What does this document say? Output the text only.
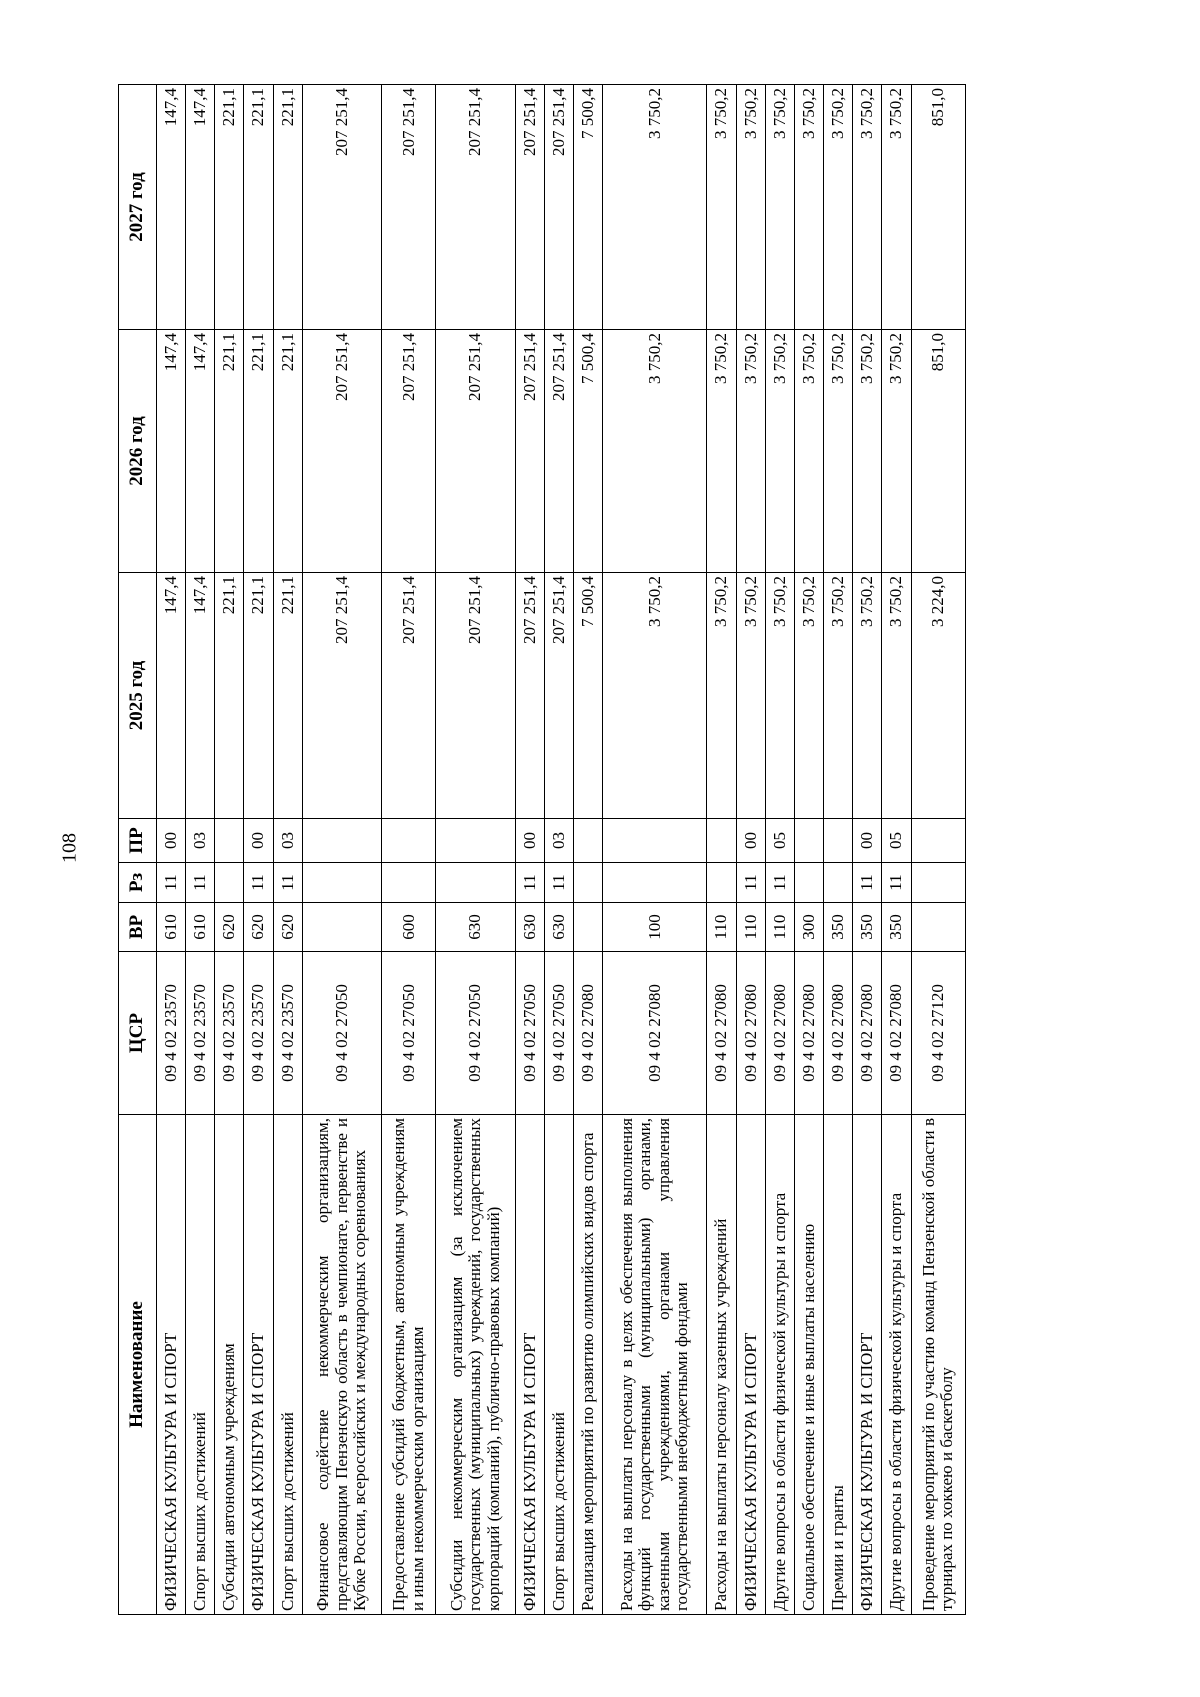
108
Наименование	ЦСР	ВР	Рз	ПР	2025 год	2026 год	2027 год
ФИЗИЧЕСКАЯ КУЛЬТУРА И СПОРТ	09 4 02 23570	610	11	00	147,4	147,4	147,4
Спорт высших достижений	09 4 02 23570	610	11	03	147,4	147,4	147,4
Субсидии автономным учреждениям	09 4 02 23570	620			221,1	221,1	221,1
ФИЗИЧЕСКАЯ КУЛЬТУРА И СПОРТ	09 4 02 23570	620	11	00	221,1	221,1	221,1
Спорт высших достижений	09 4 02 23570	620	11	03	221,1	221,1	221,1
Финансовое содействие некоммерческим организациям, представляющим Пензенскую область в чемпионате, первенстве и Кубке России, всероссийских и международных соревнованиях	09 4 02 27050				207 251,4	207 251,4	207 251,4
Предоставление субсидий бюджетным, автономным учреждениям и иным некоммерческим организациям	09 4 02 27050	600			207 251,4	207 251,4	207 251,4
Субсидии некоммерческим организациям (за исключением государственных (муниципальных) учреждений, государственных корпораций (компаний), публично-правовых компаний)	09 4 02 27050	630			207 251,4	207 251,4	207 251,4
ФИЗИЧЕСКАЯ КУЛЬТУРА И СПОРТ	09 4 02 27050	630	11	00	207 251,4	207 251,4	207 251,4
Спорт высших достижений	09 4 02 27050	630	11	03	207 251,4	207 251,4	207 251,4
Реализация мероприятий по развитию олимпийских видов спорта	09 4 02 27080				7 500,4	7 500,4	7 500,4
Расходы на выплаты персоналу в целях обеспечения выполнения функций государственными (муниципальными) органами, казенными учреждениями, органами управления государственными внебюджетными фондами	09 4 02 27080	100			3 750,2	3 750,2	3 750,2
Расходы на выплаты персоналу казенных учреждений	09 4 02 27080	110			3 750,2	3 750,2	3 750,2
ФИЗИЧЕСКАЯ КУЛЬТУРА И СПОРТ	09 4 02 27080	110	11	00	3 750,2	3 750,2	3 750,2
Другие вопросы в области физической культуры и спорта	09 4 02 27080	110	11	05	3 750,2	3 750,2	3 750,2
Социальное обеспечение и иные выплаты населению	09 4 02 27080	300			3 750,2	3 750,2	3 750,2
Премии и гранты	09 4 02 27080	350			3 750,2	3 750,2	3 750,2
ФИЗИЧЕСКАЯ КУЛЬТУРА И СПОРТ	09 4 02 27080	350	11	00	3 750,2	3 750,2	3 750,2
Другие вопросы в области физической культуры и спорта	09 4 02 27080	350	11	05	3 750,2	3 750,2	3 750,2
Проведение мероприятий по участию команд Пензенской области в турнирах по хоккею и баскетболу	09 4 02 27120				3 224,0	851,0	851,0
